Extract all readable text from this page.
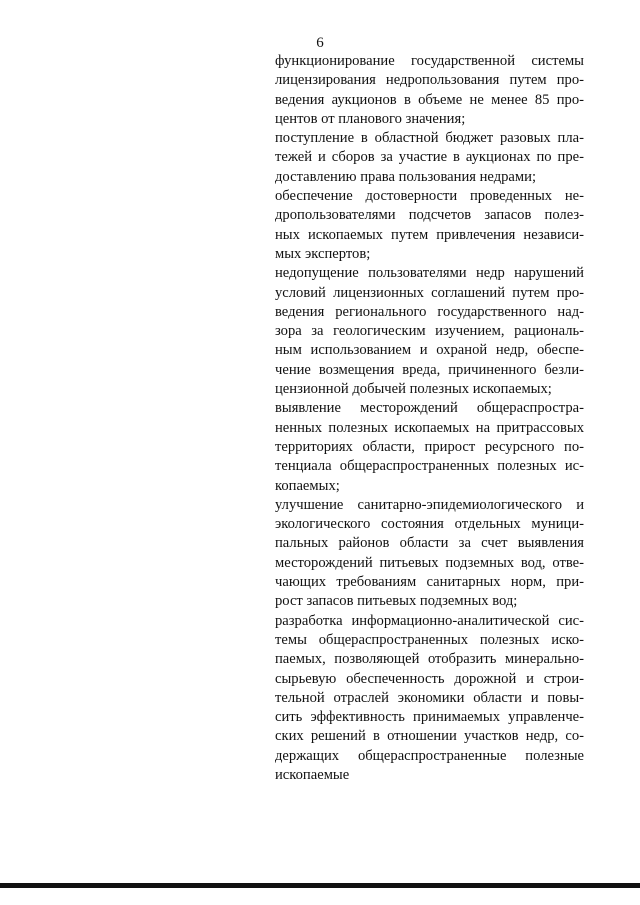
6
функционирование государственной системы
лицензирования недропользования путем про-
ведения аукционов в объеме не менее 85 про-
центов от планового значения;
поступление в областной бюджет разовых пла-
тежей и сборов за участие в аукционах по пре-
доставлению права пользования недрами;
обеспечение достоверности проведенных не-
дропользователями подсчетов запасов полез-
ных ископаемых путем привлечения независи-
мых экспертов;
недопущение пользователями недр нарушений
условий лицензионных соглашений путем про-
ведения регионального государственного над-
зора за геологическим изучением, рациональ-
ным использованием и охраной недр, обеспе-
чение возмещения вреда, причиненного безли-
цензионной добычей полезных ископаемых;
выявление месторождений общераспростра-
ненных полезных ископаемых на притрассовых
территориях области, прирост ресурсного по-
тенциала общераспространенных полезных ис-
копаемых;
улучшение санитарно-эпидемиологического и
экологического состояния отдельных муници-
пальных районов области за счет выявления
месторождений питьевых подземных вод, отве-
чающих требованиям санитарных норм, при-
рост запасов питьевых подземных вод;
разработка информационно-аналитической сис-
темы общераспространенных полезных иско-
паемых, позволяющей отобразить минерально-
сырьевую обеспеченность дорожной и строи-
тельной отраслей экономики области и повы-
сить эффективность принимаемых управленче-
ских решений в отношении участков недр, со-
держащих общераспространенные полезные
ископаемые
